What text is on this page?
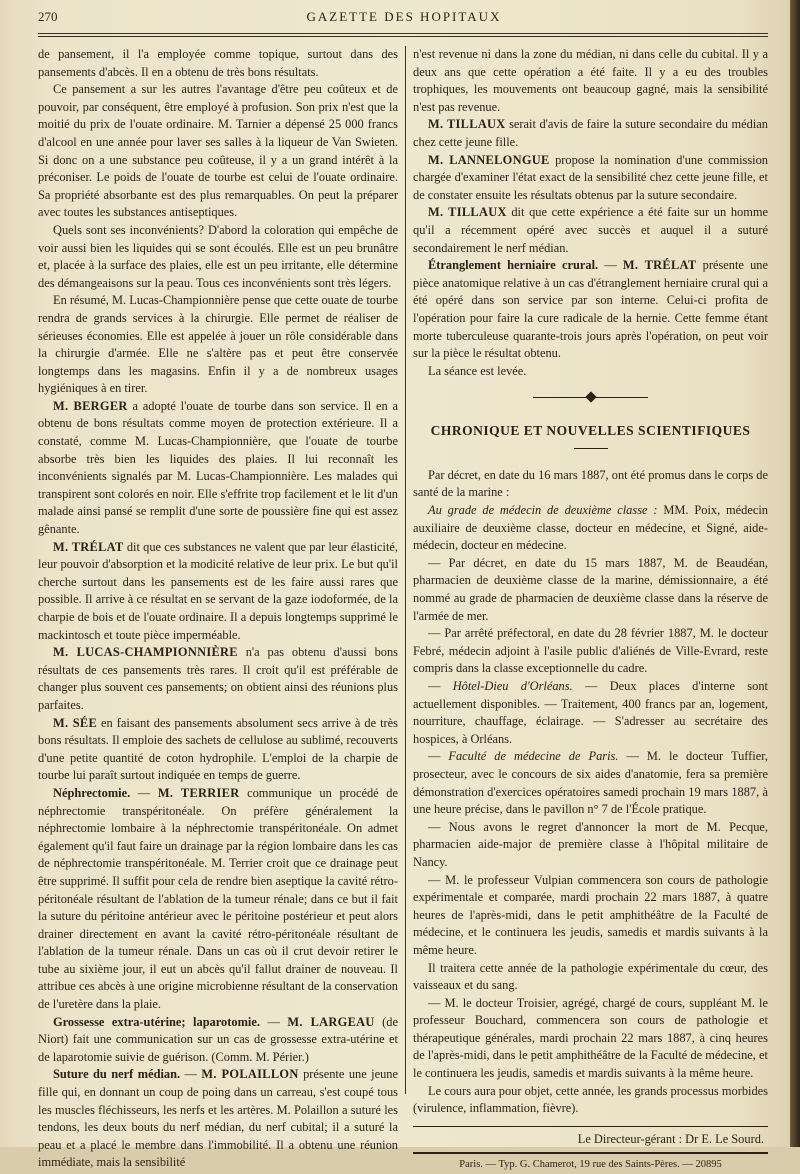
270	GAZETTE DES HOPITAUX

de pansement, il l'a employée comme topique, surtout dans des pansements d'abcès. Il en a obtenu de très bons résultats.

Ce pansement a sur les autres l'avantage d'être peu coûteux et de pouvoir, par conséquent, être employé à profusion. Son prix n'est que la moitié du prix de l'ouate ordinaire. M. Tarnier a dépensé 25 000 francs d'alcool en une année pour laver ses salles à la liqueur de Van Swieten. Si donc on a une substance peu coûteuse, il y a un grand intérêt à la préconiser. Le poids de l'ouate de tourbe est celui de l'ouate ordinaire. Sa propriété absorbante est des plus remarquables. On peut la préparer avec toutes les substances antiseptiques.

Quels sont ses inconvénients? D'abord la coloration qui empêche de voir aussi bien les liquides qui se sont écoulés. Elle est un peu brunâtre et, placée à la surface des plaies, elle est un peu irritante, elle détermine des démangeaisons sur la peau. Tous ces inconvénients sont très légers.

En résumé, M. Lucas-Championnière pense que cette ouate de tourbe rendra de grands services à la chirurgie. Elle permet de réaliser de sérieuses économies. Elle est appelée à jouer un rôle considérable dans la chirurgie d'armée. Elle ne s'altère pas et peut être conservée longtemps dans les magasins. Enfin il y a de nombreux usages hygiéniques à en tirer.

M. BERGER a adopté l'ouate de tourbe dans son service. Il en a obtenu de bons résultats comme moyen de protection extérieure. Il a constaté, comme M. Lucas-Championnière, que l'ouate de tourbe absorbe très bien les liquides des plaies. Il lui reconnaît les inconvénients signalés par M. Lucas-Championnière. Les malades qui transpirent sont colorés en noir. Elle s'effrite trop facilement et le lit d'un malade ainsi pansé se remplit d'une sorte de poussière fine qui est assez gênante.

M. TRÉLAT dit que ces substances ne valent que par leur élasticité, leur pouvoir d'absorption et la modicité relative de leur prix. Le but qu'il cherche surtout dans les pansements est de les faire aussi rares que possible. Il arrive à ce résultat en se servant de la gaze iodoformée, de la charpie de bois et de l'ouate ordinaire. Il a depuis longtemps supprimé le mackintosch et toute pièce imperméable.

M. LUCAS-CHAMPIONNIÈRE n'a pas obtenu d'aussi bons résultats de ces pansements très rares. Il croit qu'il est préférable de changer plus souvent ces pansements; on obtient ainsi des réunions plus parfaites.

M. SÉE en faisant des pansements absolument secs arrive à de très bons résultats. Il emploie des sachets de cellulose au sublimé, recouverts d'une petite quantité de coton hydrophile. L'emploi de la charpie de tourbe lui paraît surtout indiquée en temps de guerre.

Néphrectomie. — M. TERRIER communique un procédé de néphrectomie transpéritonéale. On préfère généralement la néphrectomie lombaire à la néphrectomie transpéritonéale. On admet également qu'il faut faire un drainage par la région lombaire dans les cas de néphrectomie transpéritonéale. M. Terrier croit que ce drainage peut être supprimé. Il suffit pour cela de rendre bien aseptique la cavité rétro-péritonéale résultant de l'ablation de la tumeur rénale; dans ce but il fait la suture du péritoine antérieur avec le péritoine postérieur et peut alors drainer directement en avant la cavité rétro-péritonéale résultant de l'ablation de la tumeur rénale. Dans un cas où il crut devoir retirer le tube au sixième jour, il eut un abcès qu'il fallut drainer de nouveau. Il attribue ces abcès à une origine microbienne résultant de la conservation de l'uretère dans la plaie.

Grossesse extra-utérine; laparotomie. — M. LARGEAU (de Niort) fait une communication sur un cas de grossesse extra-utérine et de laparotomie suivie de guérison. (Comm. M. Périer.)

Suture du nerf médian. — M. POLAILLON présente une jeune fille qui, en donnant un coup de poing dans un carreau, s'est coupé tous les muscles fléchisseurs, les nerfs et les artères. M. Polaillon a suturé les tendons, les deux bouts du nerf médian, du nerf cubital; il a suturé la peau et a placé le membre dans l'immobilité. Il a obtenu une réunion immédiate, mais la sensibilité

n'est revenue ni dans la zone du médian, ni dans celle du cubital. Il y a deux ans que cette opération a été faite. Il y a eu des troubles trophiques, les mouvements ont beaucoup gagné, mais la sensibilité n'est pas revenue.

M. TILLAUX serait d'avis de faire la suture secondaire du médian chez cette jeune fille.

M. LANNELONGUE propose la nomination d'une commission chargée d'examiner l'état exact de la sensibilité chez cette jeune fille, et de constater ensuite les résultats obtenus par la suture secondaire.

M. TILLAUX dit que cette expérience a été faite sur un homme qu'il a récemment opéré avec succès et auquel il a suturé secondairement le nerf médian.

Étranglement herniaire crural. — M. TRÉLAT présente une pièce anatomique relative à un cas d'étranglement herniaire crural qui a été opéré dans son service par son interne. Celui-ci profita de l'opération pour faire la cure radicale de la hernie. Cette femme étant morte tuberculeuse quarante-trois jours après l'opération, on peut voir sur la pièce le résultat obtenu.

La séance est levée.

CHRONIQUE ET NOUVELLES SCIENTIFIQUES

Par décret, en date du 16 mars 1887, ont été promus dans le corps de santé de la marine :

Au grade de médecin de deuxième classe : MM. Poix, médecin auxiliaire de deuxième classe, docteur en médecine, et Signé, aide-médecin, docteur en médecine.

— Par décret, en date du 15 mars 1887, M. de Beaudéan, pharmacien de deuxième classe de la marine, démissionnaire, a été nommé au grade de pharmacien de deuxième classe dans la réserve de l'armée de mer.

— Par arrêté préfectoral, en date du 28 février 1887, M. le docteur Febré, médecin adjoint à l'asile public d'aliénés de Ville-Evrard, reste compris dans la classe exceptionnelle du cadre.

— Hôtel-Dieu d'Orléans. — Deux places d'interne sont actuellement disponibles. — Traitement, 400 francs par an, logement, nourriture, chauffage, éclairage. — S'adresser au secrétaire des hospices, à Orléans.

— Faculté de médecine de Paris. — M. le docteur Tuffier, prosecteur, avec le concours de six aides d'anatomie, fera sa première démonstration d'exercices opératoires samedi prochain 19 mars 1887, à une heure précise, dans le pavillon n° 7 de l'École pratique.

— Nous avons le regret d'annoncer la mort de M. Pecque, pharmacien aide-major de première classe à l'hôpital militaire de Nancy.

— M. le professeur Vulpian commencera son cours de pathologie expérimentale et comparée, mardi prochain 22 mars 1887, à quatre heures de l'après-midi, dans le petit amphithéâtre de la Faculté de médecine, et le continuera les jeudis, samedis et mardis suivants à la même heure.

Il traitera cette année de la pathologie expérimentale du cœur, des vaisseaux et du sang.

— M. le docteur Troisier, agrégé, chargé de cours, suppléant M. le professeur Bouchard, commencera son cours de pathologie et thérapeutique générales, mardi prochain 22 mars 1887, à cinq heures de l'après-midi, dans le petit amphithéâtre de la Faculté de médecine, et le continuera les jeudis, samedis et mardis suivants à la même heure.

Le cours aura pour objet, cette année, les grands processus morbides (virulence, inflammation, fièvre).

Le Directeur-gérant : Dr E. Le Sourd.

Paris. — Typ. G. Chamerot, 19 rue des Saints-Pères. — 20895
